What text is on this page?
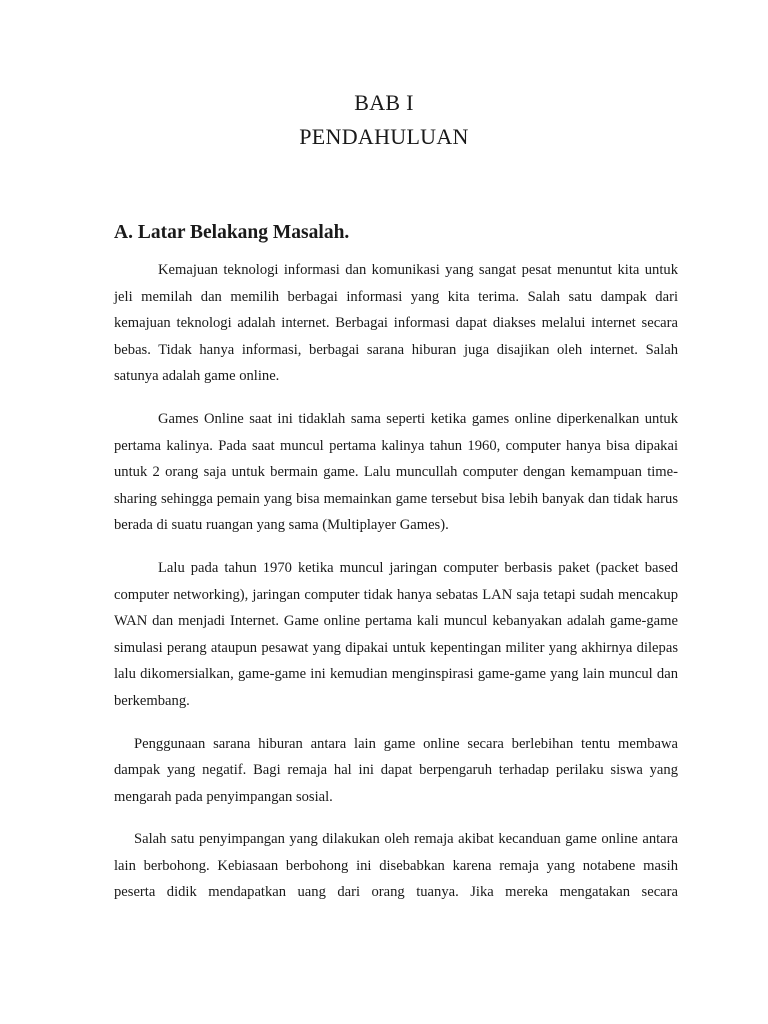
BAB I
PENDAHULUAN
A. Latar Belakang Masalah.

Kemajuan teknologi informasi dan komunikasi yang sangat pesat menuntut kita untuk jeli memilah dan memilih berbagai informasi yang kita terima. Salah satu dampak dari kemajuan teknologi adalah internet. Berbagai informasi dapat diakses melalui internet secara bebas. Tidak hanya informasi, berbagai sarana hiburan juga disajikan oleh internet. Salah satunya adalah game online.

Games Online saat ini tidaklah sama seperti ketika games online diperkenalkan untuk pertama kalinya. Pada saat muncul pertama kalinya tahun 1960, computer hanya bisa dipakai untuk 2 orang saja untuk bermain game. Lalu muncullah computer dengan kemampuan time-sharing sehingga pemain yang bisa memainkan game tersebut bisa lebih banyak dan tidak harus berada di suatu ruangan yang sama (Multiplayer Games).

Lalu pada tahun 1970 ketika muncul jaringan computer berbasis paket (packet based computer networking), jaringan computer tidak hanya sebatas LAN saja tetapi sudah mencakup WAN dan menjadi Internet. Game online pertama kali muncul kebanyakan adalah game-game simulasi perang ataupun pesawat yang dipakai untuk kepentingan militer yang akhirnya dilepas lalu dikomersialkan, game-game ini kemudian menginspirasi game-game yang lain muncul dan berkembang.

Penggunaan sarana hiburan antara lain game online secara berlebihan tentu membawa dampak yang negatif. Bagi remaja hal ini dapat berpengaruh terhadap perilaku siswa yang mengarah pada penyimpangan sosial.

Salah satu penyimpangan yang dilakukan oleh remaja akibat kecanduan game online antara lain berbohong. Kebiasaan berbohong ini disebabkan karena remaja yang notabene masih peserta didik mendapatkan uang dari orang tuanya. Jika mereka mengatakan secara
